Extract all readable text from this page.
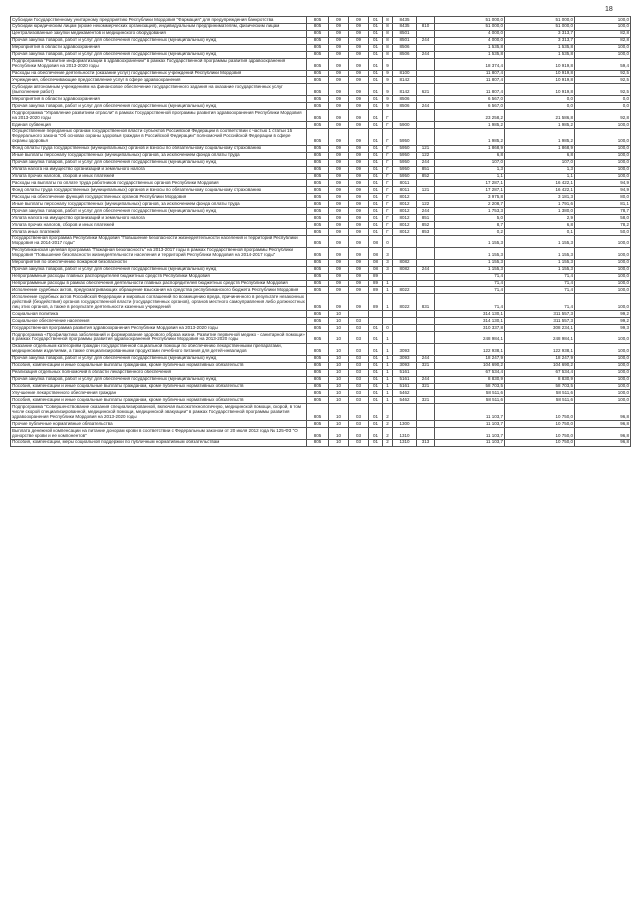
18
Субсидии Государственному унитарному предприятию Республики Мордовия "Фармация" для предупреждения банкротства	805	09	09	01	8	8435		51 000,0	51 000,0	100,0
Субсидии юридическим лицам (кроме некоммерческих организаций), индивидуальным предпринимателям, физическим лицам	805	09	09	01	8	8435	810	51 000,0	51 000,0	100,0
Централизованные закупки медикаментов и медицинского оборудования	805	09	09	01	8	8501		4 000,0	3 313,7	82,8
Прочая закупка товаров, работ и услуг для обеспечения государственных (муниципальных) нужд	805	09	09	01	8	8501	244	4 000,0	3 313,7	82,8
Мероприятия в области здравоохранения	805	09	09	01	8	8506		1 535,8	1 535,8	100,0
Прочая закупка товаров, работ и услуг для обеспечения государственных (муниципальных) нужд	805	09	09	01	8	8506	244	1 535,8	1 535,8	100,0
Подпрограмма "Развитие информатизации в здравоохранении" в рамках Государственной программы развития здравоохранения Республики Мордовия на 2013-2020 годы	805	09	09	01	9			18 374,4	10 919,8	59,4
Расходы на обеспечение деятельности (оказание услуг) государственных учреждений Республики Мордовия	805	09	09	01	9	8100		11 807,4	10 919,8	92,5
Учреждения, обеспечивающие предоставление услуг в сфере здравоохранения	805	09	09	01	9	8142		11 807,4	10 919,8	92,5
Субсидии автономным учреждениям на финансовое обеспечение государственного задания на оказание государственных услуг (выполнение работ)	805	09	09	01	9	8142	621	11 807,4	10 919,8	92,5
Мероприятия в области здравоохранения	805	09	09	01	9	8506		6 567,0	0,0	0,0
Прочая закупка товаров, работ и услуг для обеспечения государственных (муниципальных) нужд	805	09	09	01	9	8506	244	6 567,0	0,0	0,0
Подпрограмма "Управление развитием отрасли" в рамках Государственной программы развития здравоохранения Республики Мордовия на 2013-2020 годы	805	09	09	01	Г			23 258,2	21 586,8	92,8
Единая субвенция	805	09	09	01	Г	5900		1 985,2	1 985,2	100,0
Осуществление переданных органам государственной власти субъектов Российской Федерации в соответствии с частью 1 статьи 15 Федерального закона "Об основах охраны здоровья граждан в Российской Федерации" полномочий Российской Федерации в сфере охраны здоровья	805	09	09	01	Г	5950		1 985,2	1 985,2	100,0
Фонд оплаты труда государственных (муниципальных) органов и взносы по обязательному социальному страхованию	805	09	09	01	Г	5950	121	1 868,9	1 868,9	100,0
Иные выплаты персоналу государственных (муниципальных) органов, за исключением фонда оплаты труда	805	09	09	01	Г	5950	122	6,8	6,8	100,0
Прочая закупка товаров, работ и услуг для обеспечения государственных (муниципальных) нужд	805	09	09	01	Г	5950	244	107,0	107,0	100,0
Уплата налога на имущество организаций и земельного налога	805	09	09	01	Г	5950	851	1,3	1,3	100,0
Уплата прочих налогов, сборов и иных платежей	805	09	09	01	Г	5950	852	1,1	1,1	100,0
Расходы на выплаты по оплате труда работников государственных органов Республики Мордовия	805	09	09	01	Г	8011		17 287,1	16 422,1	94,9
Фонд оплаты труда государственных (муниципальных) органов и взносы по обязательному социальному страхованию	805	09	09	01	Г	8011	121	17 287,1	16 422,1	94,9
Расходы на обеспечение функций государственных органов Республики Мордовия	805	09	09	01	Г	8012		3 975,8	3 181,3	80,0
Иные выплаты персоналу государственных (муниципальных) органов, за исключением фонда оплаты труда	805	09	09	01	Г	8012	122	2 208,7	1 791,6	81,1
Прочая закупка товаров, работ и услуг для обеспечения государственных (муниципальных) нужд	805	09	09	01	Г	8012	244	1 753,3	1 380,0	78,7
Уплата налога на имущество организаций и земельного налога	805	09	09	01	Г	8012	851	5,0	2,9	58,0
Уплата прочих налогов, сборов и иных платежей	805	09	09	01	Г	8012	852	8,7	6,8	78,2
Уплата иных платежей	805	09	09	01	Г	8012	853	0,2	0,1	50,0
Государственная программа Республики Мордовия "Повышение безопасности жизнедеятельности населения и территорий Республики Мордовия на 2014-2017 годы"	805	09	09	08	0			1 155,3	1 155,3	100,0
Республиканская целевая программа "Пожарная безопасность" на 2013-2017 годы в рамках Государственной программы Республики Мордовия "Повышение безопасности жизнедеятельности населения и территорий Республики Мордовия на 2014-2017 годы"	805	09	09	08	3			1 155,3	1 155,3	100,0
Мероприятия по обеспечению пожарной безопасности	805	09	09	08	3	8082		1 155,3	1 155,3	100,0
Прочая закупка товаров, работ и услуг для обеспечения государственных (муниципальных) нужд	805	09	09	08	3	8082	244	1 155,3	1 155,3	100,0
Непрограммные расходы главных распорядителей бюджетных средств Республики Мордовия	805	09	09	89				71,4	71,4	100,0
Непрограммные расходы в рамках обеспечения деятельности главных распорядителей бюджетных средств Республики Мордовия	805	09	09	89	1			71,4	71,4	100,0
Исполнение судебных актов, предусматривающих обращение взыскания на средства республиканского бюджета Республики Мордовия	805	09	09	89	1	8022		71,4	71,4	100,0
Исполнение судебных актов Российской Федерации и мировых соглашений по возмещению вреда, причиненного в результате незаконных действий (бездействия) органов государственной власти (государственных органов), органов местного самоуправления либо должностных лиц этих органов, а также в результате деятельности казенных учреждений	805	09	09	89	1	8022	831	71,4	71,4	100,0
Социальная политика	805	10						314 130,1	311 557,3	99,2
Социальное обеспечение населения	805	10	03					314 130,1	311 557,3	99,2
Государственная программа развития здравоохранения Республики Мордовия на 2013-2020 годы	805	10	03	01	0			310 337,8	308 234,1	99,3
Подпрограмма «Профилактика заболеваний и формирование здорового образа жизни. Развитие первичной медико - санитарной помощи» в рамках Государственной программы развития здравоохранения Республики Мордовия на 2013-2020 годы	805	10	03	01	1			248 984,1	248 984,1	100,0
Оказание отдельным категориям граждан государственной социальной помощи по обеспечению лекарственными препаратами, медицинскими изделиями, а также специализированными продуктами лечебного питания для детей-инвалидов	805	10	03	01	1	3093		122 938,1	122 938,1	100,0
Прочая закупка товаров, работ и услуг для обеспечения государственных (муниципальных) нужд	805	10	03	01	1	3093	244	18 247,9	18 247,9	100,0
Пособия, компенсации и иные социальные выплаты гражданам, кроме публичных нормативных обязательств	805	10	03	01	1	3093	321	104 690,2	104 690,2	100,0
Реализация отдельных полномочий в области лекарственного обеспечения	805	10	03	01	1	5161		67 534,4	67 534,4	100,0
Прочая закупка товаров, работ и услуг для обеспечения государственных (муниципальных) нужд	805	10	03	01	1	5161	244	8 830,9	8 830,9	100,0
Пособия, компенсации и иные социальные выплаты гражданам, кроме публичных нормативных обязательств	805	10	03	01	1	5161	321	58 703,5	58 703,5	100,0
Улучшение лекарственного обеспечения граждан	805	10	03	01	1	5462		58 511,6	58 511,6	100,0
Пособия, компенсации и иные социальные выплаты гражданам, кроме публичных нормативных обязательств	805	10	03	01	1	5462	321	58 511,6	58 511,6	100,0
Подпрограмма "Совершенствование оказания специализированной, включая высокотехнологичную, медицинской помощи, скорой, в том числе скорой специализированной, медицинской помощи, медицинской эвакуации" в рамках Государственной программы развития здравоохранения Республики Мордовия на 2013-2020 годы	805	10	03	01	2			11 103,7	10 750,0	96,8
Прочие публичные нормативные обязательства	805	10	03	01	2	1300		11 103,7	10 750,0	96,8
Выплата денежной компенсации на питание донорам крови в соответствии с Федеральным законом от 20 июля 2012 года № 125-ФЗ "О донорстве крови и ее компонентов"	805	10	03	01	2	1310		11 103,7	10 750,0	96,8
Пособия, компенсации, меры социальной поддержки по публичным нормативным обязательствам	805	10	03	01	2	1310	313	11 103,7	10 750,0	96,8
